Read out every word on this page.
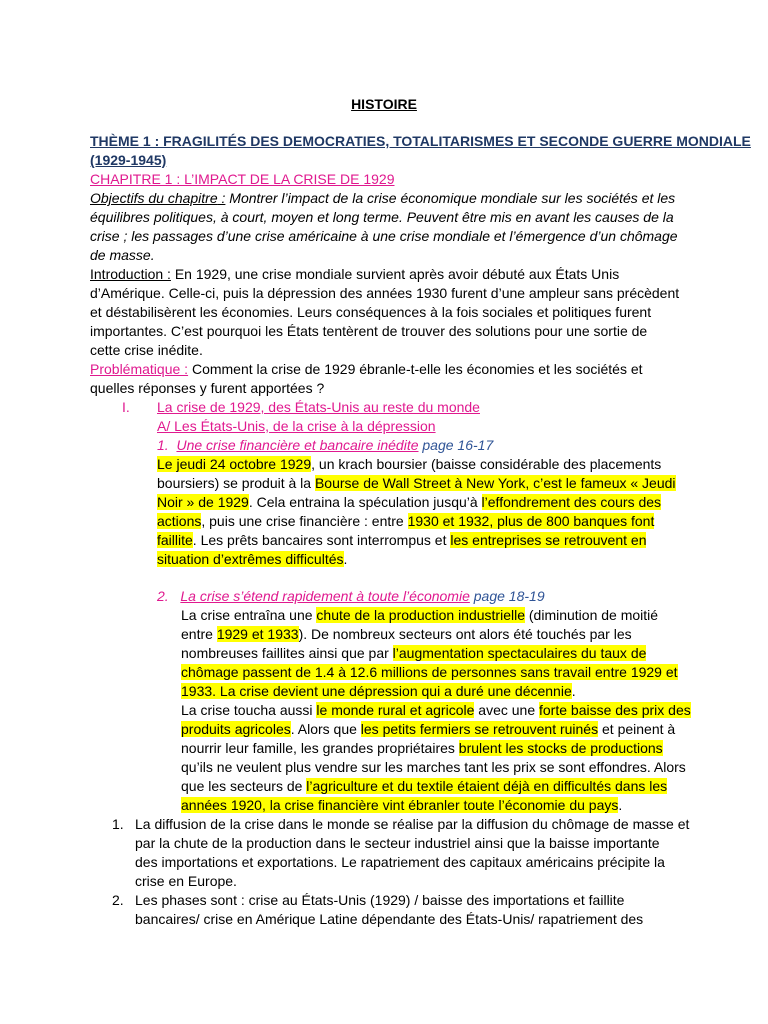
HISTOIRE
THÈME 1 : FRAGILITÉS DES DEMOCRATIES, TOTALITARISMES ET SECONDE GUERRE MONDIALE
(1929-1945)
CHAPITRE 1 : L’IMPACT DE LA CRISE DE 1929
Objectifs du chapitre : Montrer l’impact de la crise économique mondiale sur les sociétés et les
équilibres politiques, à court, moyen et long terme. Peuvent être mis en avant les causes de la
crise ; les passages d’une crise américaine à une crise mondiale et l’émergence d’un chômage
de masse.
Introduction : En 1929, une crise mondiale survient après avoir débuté aux États Unis
d’Amérique. Celle-ci, puis la dépression des années 1930 furent d’une ampleur sans précèdent
et déstabilisèrent les économies. Leurs conséquences à la fois sociales et politiques furent
importantes. C’est pourquoi les États tentèrent de trouver des solutions pour une sortie de
cette crise inédite.
Problématique : Comment la crise de 1929 ébranle-t-elle les économies et les sociétés et
quelles réponses y furent apportées ?
I. La crise de 1929, des États-Unis au reste du monde
A/ Les États-Unis, de la crise à la dépression
1. Une crise financière et bancaire inédite page 16-17
Le jeudi 24 octobre 1929, un krach boursier (baisse considérable des placements
boursiers) se produit à la Bourse de Wall Street à New York, c’est le fameux « Jeudi
Noir » de 1929. Cela entraina la spéculation jusqu’à l’effondrement des cours des
actions, puis une crise financière : entre 1930 et 1932, plus de 800 banques font
faillite. Les prêts bancaires sont interrompus et les entreprises se retrouvent en
situation d’extrêmes difficultés.
2. La crise s’étend rapidement à toute l’économie page 18-19
La crise entraîna une chute de la production industrielle (diminution de moitié
entre 1929 et 1933). De nombreux secteurs ont alors été touchés par les
nombreuses faillites ainsi que par l’augmentation spectaculaires du taux de
chômage passent de 1.4 à 12.6 millions de personnes sans travail entre 1929 et
1933. La crise devient une dépression qui a duré une décennie.
La crise toucha aussi le monde rural et agricole avec une forte baisse des prix des
produits agricoles. Alors que les petits fermiers se retrouvent ruinés et peinent à
nourrir leur famille, les grandes propriétaires brulent les stocks de productions
qu’ils ne veulent plus vendre sur les marches tant les prix se sont effondres. Alors
que les secteurs de l’agriculture et du textile étaient déjà en difficultés dans les
années 1920, la crise financière vint ébranler toute l’économie du pays.
1. La diffusion de la crise dans le monde se réalise par la diffusion du chômage de masse et
par la chute de la production dans le secteur industriel ainsi que la baisse importante
des importations et exportations. Le rapatriement des capitaux américains précipite la
crise en Europe.
2. Les phases sont : crise au États-Unis (1929) / baisse des importations et faillite
bancaires/ crise en Amérique Latine dépendante des États-Unis/ rapatriement des
